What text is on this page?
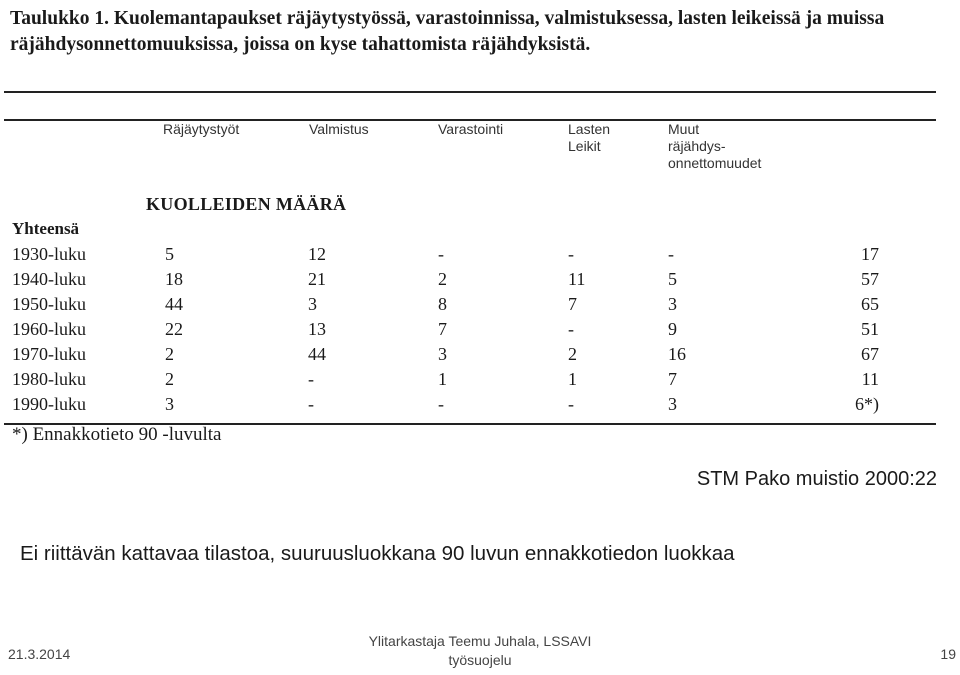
Taulukko 1. Kuolemantapaukset räjäytystyössä, varastoinnissa, valmistuksessa, lasten leikeissä ja muissa räjähdysonnettomuuksissa, joissa on kyse tahattomista räjähdyksistä.
Räjäytystyöt	Valmistus	Varastointi	Lasten
Leikit
Muut
räjähdys-
onnettomuudet
KUOLLEIDEN MÄÄRÄ
Yhteensä
1930-luku	5	12	-	-	-	17
1940-luku	18	21	2	11	5	57
1950-luku	44	3	8	7	3	65
1960-luku	22	13	7	-	9	51
1970-luku	2	44	3	2	16	67
1980-luku	2	-	1	1	7	11
1990-luku	3	-	-	-	3	6*)
*) Ennakkotieto 90 -luvulta
STM Pako muistio 2000:22
Ei riittävän kattavaa tilastoa, suuruusluokkana 90 luvun ennakkotiedon luokkaa
21.3.2014
Ylitarkastaja Teemu Juhala, LSSAVI työsuojelu	19
